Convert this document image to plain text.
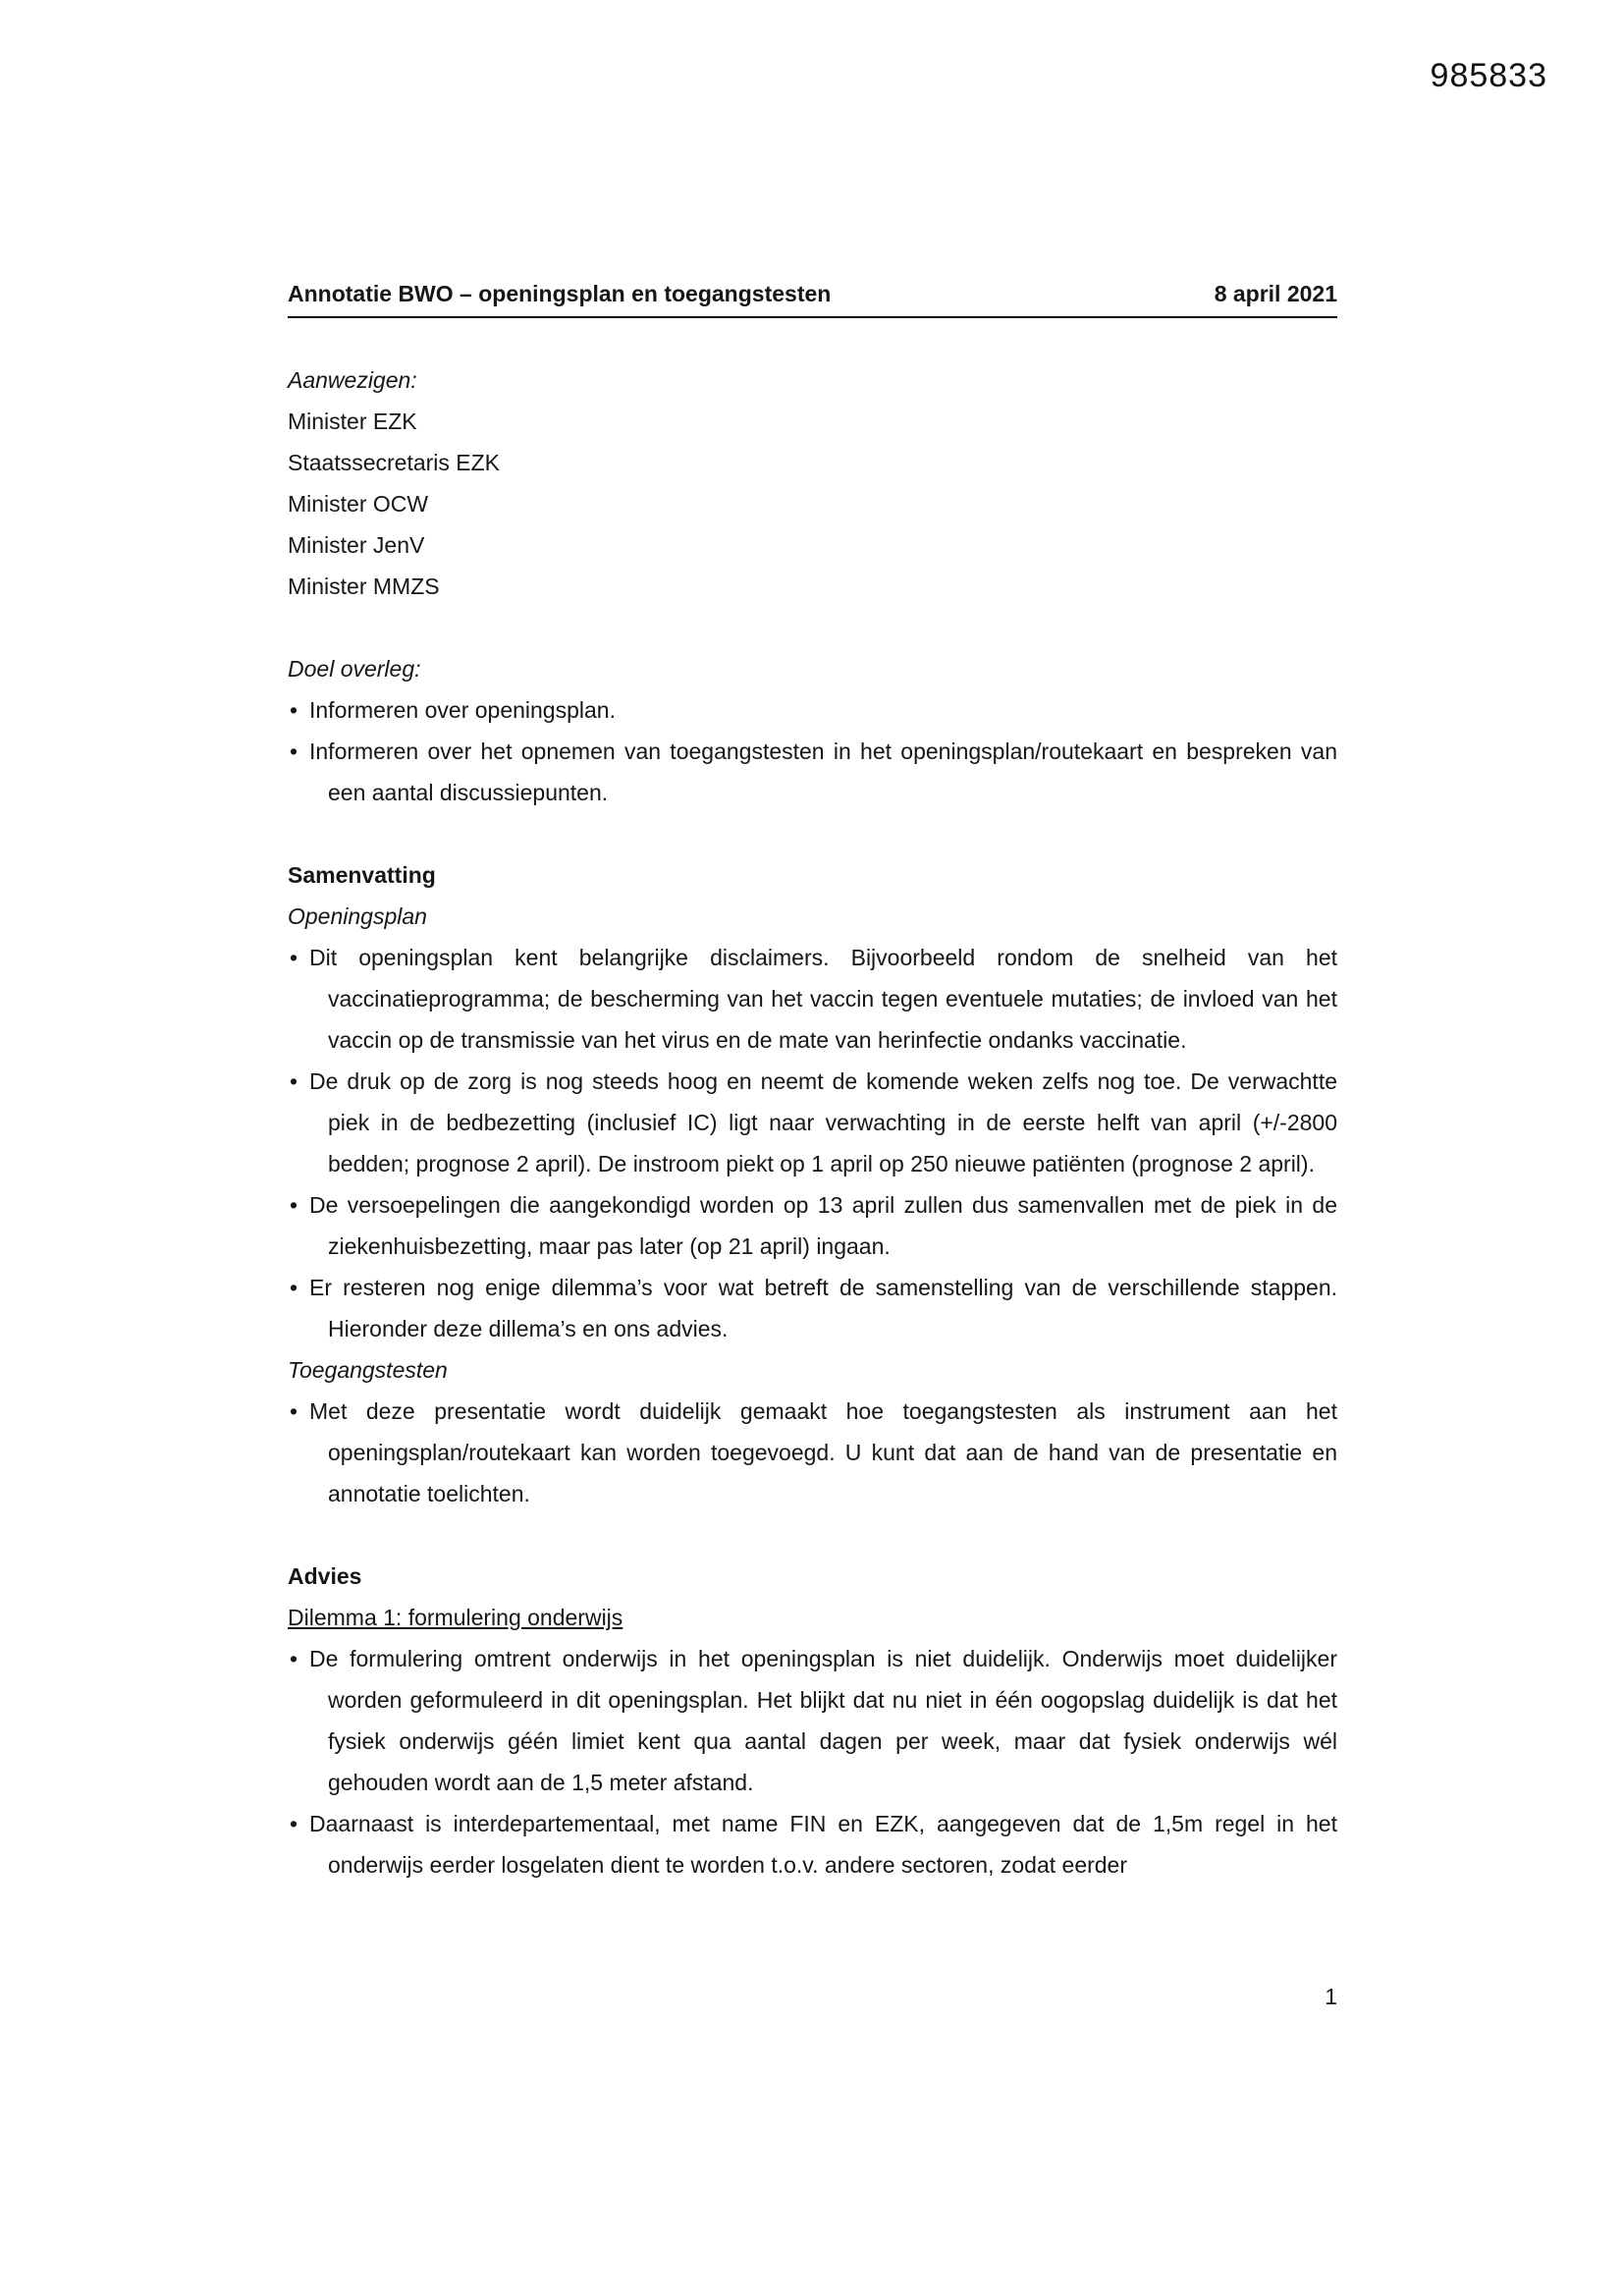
985833
Annotatie BWO – openingsplan en toegangstesten	8 april 2021

Aanwezigen:

Minister EZK

Staatssecretaris EZK

Minister OCW

Minister JenV

Minister MMZS

Doel overleg:

• Informeren over openingsplan.

• Informeren over het opnemen van toegangstesten in het openingsplan/routekaart en bespreken van een aantal discussiepunten.

Samenvatting

Openingsplan

• Dit openingsplan kent belangrijke disclaimers. Bijvoorbeeld rondom de snelheid van het vaccinatieprogramma; de bescherming van het vaccin tegen eventuele mutaties; de invloed van het vaccin op de transmissie van het virus en de mate van herinfectie ondanks vaccinatie.

• De druk op de zorg is nog steeds hoog en neemt de komende weken zelfs nog toe. De verwachtte piek in de bedbezetting (inclusief IC) ligt naar verwachting in de eerste helft van april (+/-2800 bedden; prognose 2 april). De instroom piekt op 1 april op 250 nieuwe patiënten (prognose 2 april).

• De versoepelingen die aangekondigd worden op 13 april zullen dus samenvallen met de piek in de ziekenhuisbezetting, maar pas later (op 21 april) ingaan.

• Er resteren nog enige dilemma’s voor wat betreft de samenstelling van de verschillende stappen. Hieronder deze dillema’s en ons advies.

Toegangstesten

• Met deze presentatie wordt duidelijk gemaakt hoe toegangstesten als instrument aan het openingsplan/routekaart kan worden toegevoegd. U kunt dat aan de hand van de presentatie en annotatie toelichten.

Advies

Dilemma 1: formulering onderwijs

• De formulering omtrent onderwijs in het openingsplan is niet duidelijk. Onderwijs moet duidelijker worden geformuleerd in dit openingsplan. Het blijkt dat nu niet in één oogopslag duidelijk is dat het fysiek onderwijs géén limiet kent qua aantal dagen per week, maar dat fysiek onderwijs wél gehouden wordt aan de 1,5 meter afstand.

• Daarnaast is interdepartementaal, met name FIN en EZK, aangegeven dat de 1,5m regel in het onderwijs eerder losgelaten dient te worden t.o.v. andere sectoren, zodat eerder

1
